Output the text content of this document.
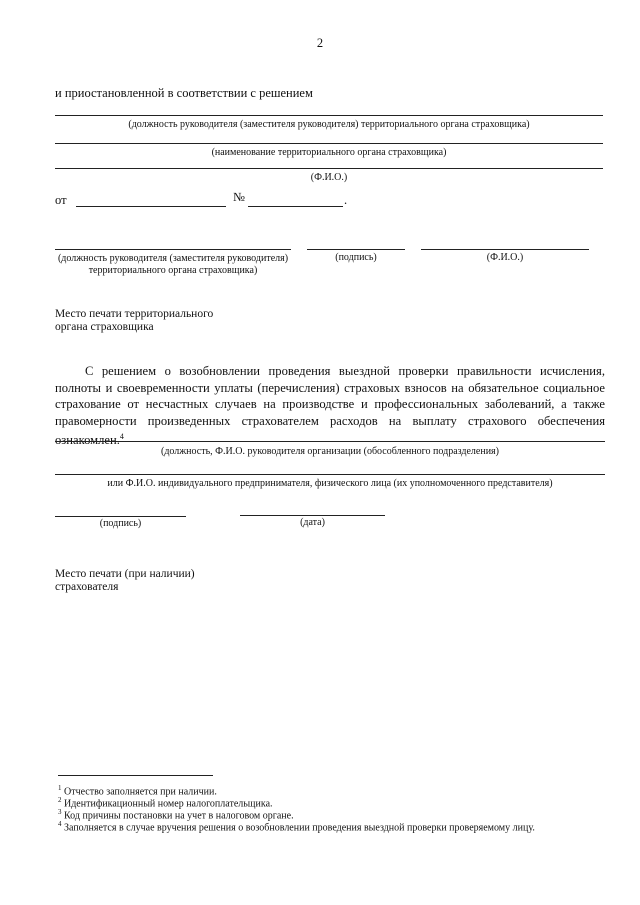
2
и приостановленной в соответствии с решением
(должность руководителя (заместителя руководителя) территориального органа страховщика)
(наименование территориального органа страховщика)
(Ф.И.О.)
от	№	.
(должность руководителя (заместителя руководителя)
территориального органа страховщика)
(подпись)	(Ф.И.О.)
Место печати территориального
органа страховщика
С решением о возобновлении проведения выездной проверки правильности исчисления, полноты и своевременности уплаты (перечисления) страховых взносов на обязательное социальное страхование от несчастных случаев на производстве и профессиональных заболеваний, а также правомерности произведенных страхователем расходов на выплату страхового обеспечения ознакомлен.$^4$
(должность, Ф.И.О. руководителя организации (обособленного подразделения)
или Ф.И.О. индивидуального предпринимателя, физического лица (их уполномоченного представителя)
(подпись)	(дата)
Место печати (при наличии)
страхователя
$^1$ Отчество заполняется при наличии.
$^2$ Идентификационный номер налогоплательщика.
$^3$ Код причины постановки на учет в налоговом органе.
$^4$ Заполняется в случае вручения решения о возобновлении проведения выездной проверки проверяемому лицу.
